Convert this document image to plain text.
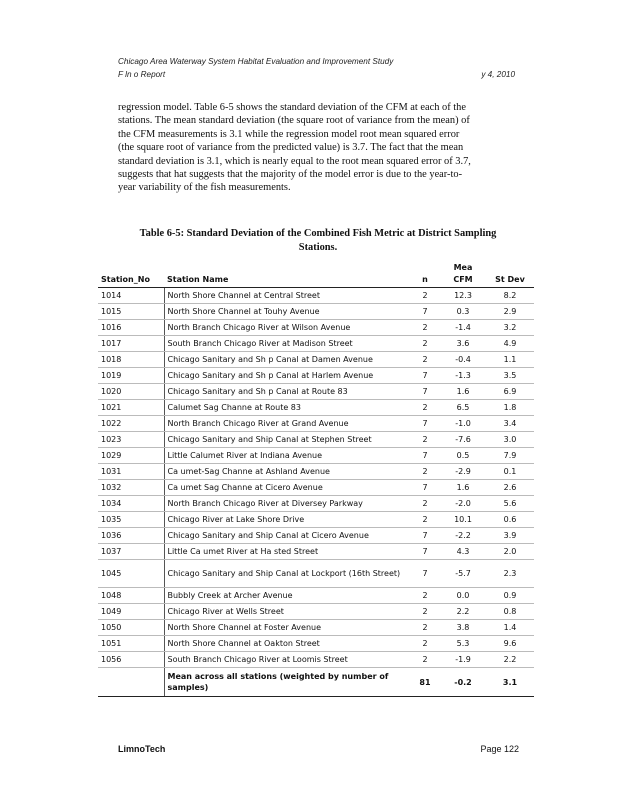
Chicago Area Waterway System Habitat Evaluation and Improvement Study
F ln o Report	y 4, 2010
regression model. Table 6-5 shows the standard deviation of the CFM at each of the
stations. The mean standard deviation (the square root of variance from the mean) of
the CFM measurements is 3.1 while the regression model root mean squared error
(the square root of variance from the predicted value) is 3.7. The fact that the mean
standard deviation is 3.1, which is nearly equal to the root mean squared error of 3.7,
suggests that hat suggests that the majority of the model error is due to the year-to-
year variability of the fish measurements.
Table 6-5: Standard Deviation of the Combined Fish Metric at District Sampling
Stations.
			Mea	
Station_No	Station Name	n	CFM	St Dev
1014	North Shore Channel at Central Street	2	12.3	8.2
1015	North Shore Channel at Touhy Avenue	7	0.3	2.9
1016	North Branch Chicago River at Wilson Avenue	2	-1.4	3.2
1017	South Branch Chicago River at Madison Street	2	3.6	4.9
1018	Chicago Sanitary and Sh p Canal at Damen Avenue	2	-0.4	1.1
1019	Chicago Sanitary and Sh p Canal at Harlem Avenue	7	-1.3	3.5
1020	Chicago Sanitary and Sh p Canal at Route 83	7	1.6	6.9
1021	Calumet Sag Channe at Route 83	2	6.5	1.8
1022	North Branch Chicago River at Grand Avenue	7	-1.0	3.4
1023	Chicago Sanitary and Ship Canal at Stephen Street	2	-7.6	3.0
1029	Little Calumet River at Indiana Avenue	7	0.5	7.9
1031	Ca umet-Sag Channe at Ashland Avenue	2	-2.9	0.1
1032	Ca umet Sag Channe at Cicero Avenue	7	1.6	2.6
1034	North Branch Chicago River at Diversey Parkway	2	-2.0	5.6
1035	Chicago River at Lake Shore Drive	2	10.1	0.6
1036	Chicago Sanitary and Ship Canal at Cicero Avenue	7	-2.2	3.9
1037	Little Ca umet River at Ha sted Street	7	4.3	2.0
1045	Chicago Sanitary and Ship Canal at Lockport (16th Street)	7	-5.7	2.3
1048	Bubbly Creek at Archer Avenue	2	0.0	0.9
1049	Chicago River at Wells Street	2	2.2	0.8
1050	North Shore Channel at Foster Avenue	2	3.8	1.4
1051	North Shore Channel at Oakton Street	2	5.3	9.6
1056	South Branch Chicago River at Loomis Street	2	-1.9	2.2
	Mean across all stations (weighted by number of samples)	81	-0.2	3.1
LimnoTech	Page 122
